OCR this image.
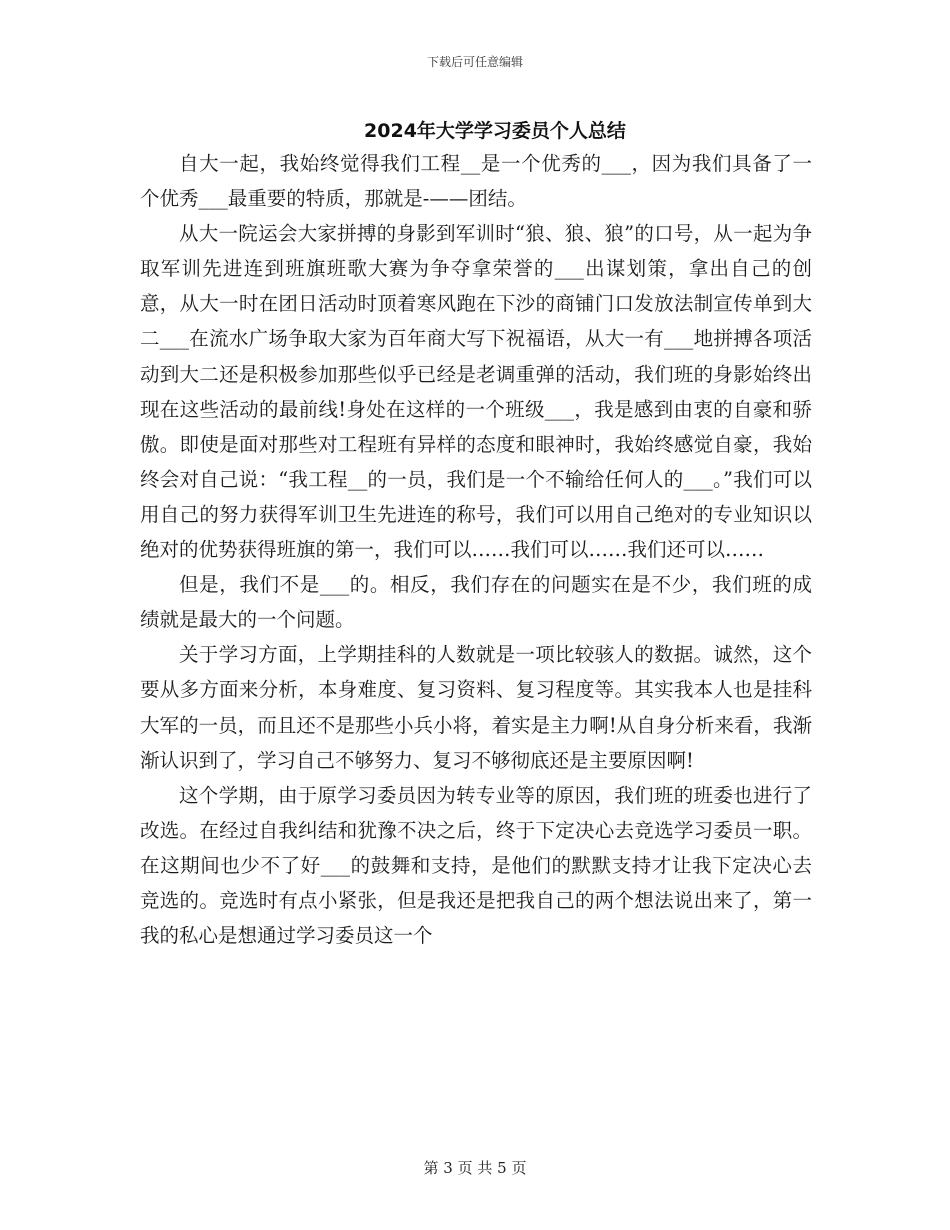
下载后可任意编辑
2024年大学学习委员个人总结

自大一起，我始终觉得我们工程__是一个优秀的___，因为我们具备了一个优秀___最重要的特质，那就是-——团结。

从大一院运会大家拼搏的身影到军训时“狼、狼、狼”的口号，从一起为争取军训先进连到班旗班歌大赛为争夺拿荣誉的___出谋划策，拿出自己的创意，从大一时在团日活动时顶着寒风跑在下沙的商铺门口发放法制宣传单到大二___在流水广场争取大家为百年商大写下祝福语，从大一有___地拼搏各项活动到大二还是积极参加那些似乎已经是老调重弹的活动，我们班的身影始终出现在这些活动的最前线!身处在这样的一个班级___，我是感到由衷的自豪和骄傲。即使是面对那些对工程班有异样的态度和眼神时，我始终感觉自豪，我始终会对自己说：“我工程__的一员，我们是一个不输给任何人的___。”我们可以用自己的努力获得军训卫生先进连的称号，我们可以用自己绝对的专业知识以绝对的优势获得班旗的第一，我们可以……我们可以……我们还可以……

但是，我们不是___的。相反，我们存在的问题实在是不少，我们班的成绩就是最大的一个问题。

关于学习方面，上学期挂科的人数就是一项比较骇人的数据。诚然，这个要从多方面来分析，本身难度、复习资料、复习程度等。其实我本人也是挂科大军的一员，而且还不是那些小兵小将，着实是主力啊!从自身分析来看，我渐渐认识到了，学习自己不够努力、复习不够彻底还是主要原因啊!

这个学期，由于原学习委员因为转专业等的原因，我们班的班委也进行了改选。在经过自我纠结和犹豫不决之后，终于下定决心去竞选学习委员一职。在这期间也少不了好___的鼓舞和支持，是他们的默默支持才让我下定决心去竞选的。竞选时有点小紧张，但是我还是把我自己的两个想法说出来了，第一我的私心是想通过学习委员这一个

第 3 页 共 5 页
